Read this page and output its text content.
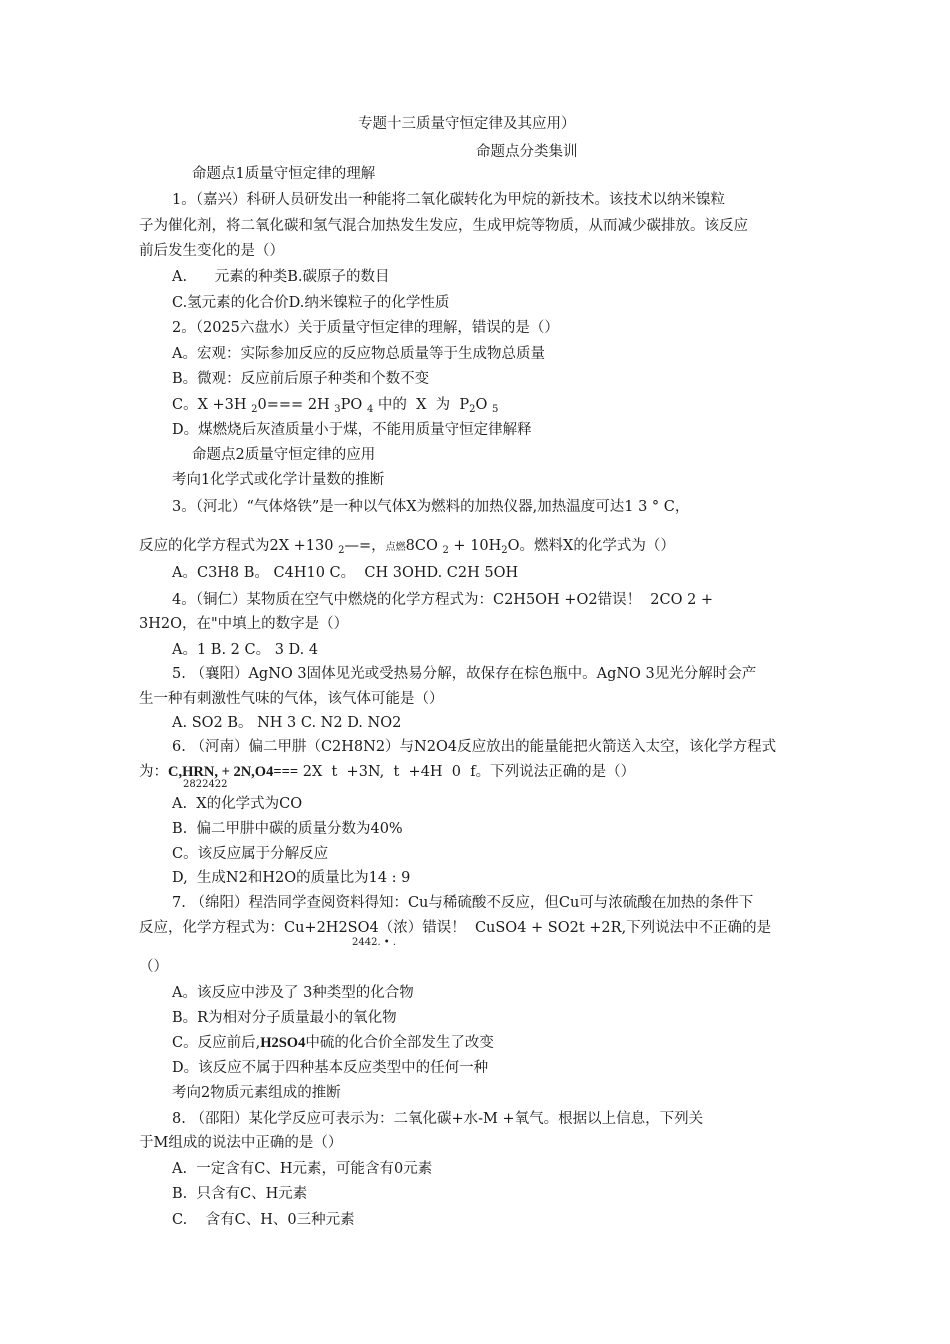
专题十三质量守恒定律及其应用）
命题点分类集训
命题点1质量守恒定律的理解
1。（嘉兴）科研人员研发出一种能将二氧化碳转化为甲烷的新技术。该技术以纳米镍粒
子为催化剂，将二氧化碳和氢气混合加热发生发应，生成甲烷等物质，从而减少碳排放。该反应
前后发生变化的是（）
A.      元素的种类B.碳原子的数目
C.氢元素的化合价D.纳米镍粒子的化学性质
2。（2025六盘水）关于质量守恒定律的理解，错误的是（）
A。宏观：实际参加反应的反应物总质量等于生成物总质量
B。微观：反应前后原子种类和个数不变
C。X +3H $_2$0=== 2H $_3$PO $_4$ 中的  X  为  $P_2O$ $_5$
D。煤燃烧后灰渣质量小于煤，不能用质量守恒定律解释
命题点2质量守恒定律的应用
考向1化学式或化学计量数的推断
3。（河北）“气体烙铁”是一种以气体X为燃料的加热仪器,加热温度可达1 3 ° C，
反应的化学方程式为2X +130 $_2$—=，点燃8CO $_2 + 10H_2O$。燃料X的化学式为（）
A。C3H8 B。 C4H10 C。  CH 3OHD. C2H 5OH
4。（铜仁）某物质在空气中燃烧的化学方程式为：C2H5OH +O2错误！  2CO 2 +
3H2O，在"中填上的数字是（）
A。1 B. 2 C。 3 D. 4
5. （襄阳）AgNO 3固体见光或受热易分解，故保存在棕色瓶中。AgNO 3见光分解时会产
生一种有刺激性气味的气体，该气体可能是（）
A. SO2 B。 NH 3 C. N2 D. NO2
6. （河南）偏二甲肼（C2H8N2）与N2O4反应放出的能量能把火箭送入太空，该化学方程式
为：C,HRN, + 2N,O4=== 2X  t  +3N,  t  +4H  0  f。下列说法正确的是（）
2822422
A.  X的化学式为CO
B.  偏二甲肼中碳的质量分数为40%
C。该反应属于分解反应
D,  生成N2和H2O的质量比为14 : 9
7. （绵阳）程浩同学查阅资料得知：Cu与稀硫酸不反应，但Cu可与浓硫酸在加热的条件下
反应，化学方程式为：Cu+2H2SO4（浓）错误！  CuSO4 + SO2t +2R,下列说法中不正确的是
2442. • .
（）
A。该反应中涉及了 3种类型的化合物
B。R为相对分子质量最小的氧化物
C。反应前后,H2SO4中硫的化合价全部发生了改变
D。该反应不属于四种基本反应类型中的任何一种
考向2物质元素组成的推断
8. （邵阳）某化学反应可表示为：二氧化碳+水-M +氧气。根据以上信息，下列关
于M组成的说法中正确的是（）
A.  一定含有C、H元素，可能含有0元素
B.  只含有C、H元素
C.    含有C、H、0三种元素
